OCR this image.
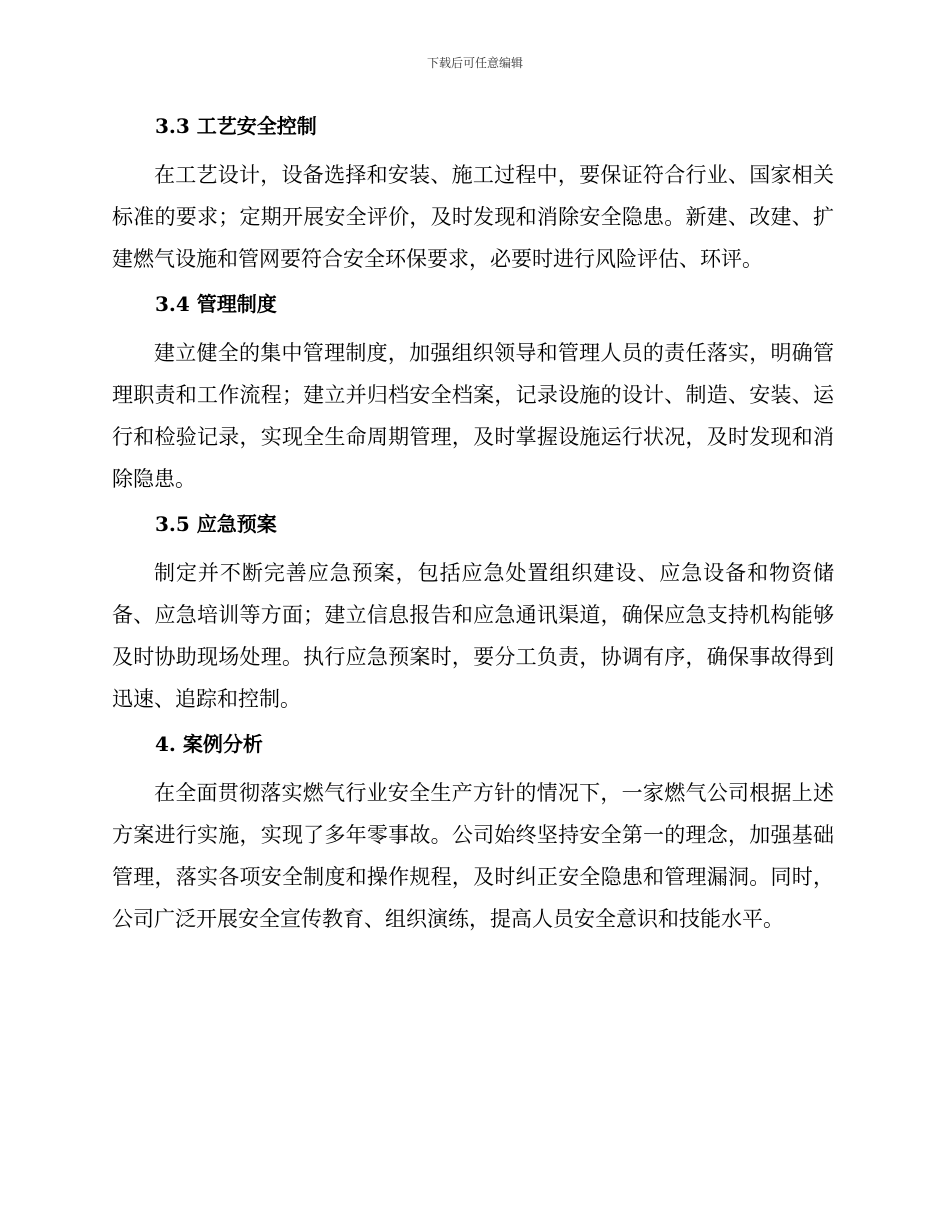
下载后可任意编辑
3.3 工艺安全控制

在工艺设计，设备选择和安装、施工过程中，要保证符合行业、国家相关标准的要求；定期开展安全评价，及时发现和消除安全隐患。新建、改建、扩建燃气设施和管网要符合安全环保要求，必要时进行风险评估、环评。

3.4 管理制度

建立健全的集中管理制度，加强组织领导和管理人员的责任落实，明确管理职责和工作流程；建立并归档安全档案，记录设施的设计、制造、安装、运行和检验记录，实现全生命周期管理，及时掌握设施运行状况，及时发现和消除隐患。

3.5 应急预案

制定并不断完善应急预案，包括应急处置组织建设、应急设备和物资储备、应急培训等方面；建立信息报告和应急通讯渠道，确保应急支持机构能够及时协助现场处理。执行应急预案时，要分工负责，协调有序，确保事故得到迅速、追踪和控制。

4. 案例分析

在全面贯彻落实燃气行业安全生产方针的情况下，一家燃气公司根据上述方案进行实施，实现了多年零事故。公司始终坚持安全第一的理念，加强基础管理，落实各项安全制度和操作规程，及时纠正安全隐患和管理漏洞。同时，公司广泛开展安全宣传教育、组织演练，提高人员安全意识和技能水平。
